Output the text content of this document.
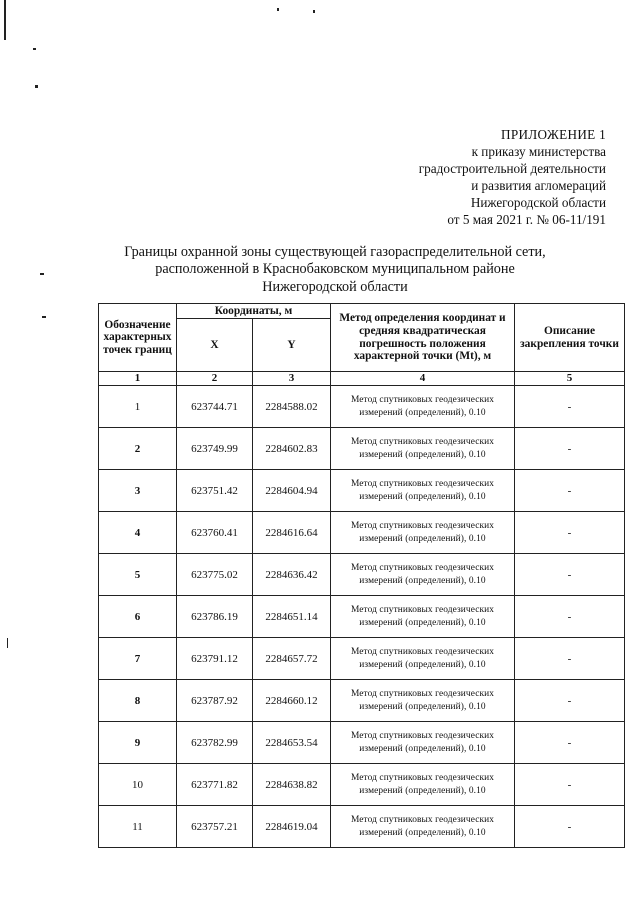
ПРИЛОЖЕНИЕ 1
к приказу министерства
градостроительной деятельности
и развития агломераций
Нижегородской области
от 5 мая 2021 г. № 06-11/191
Границы охранной зоны существующей газораспределительной сети,
расположенной в Краснобаковском муниципальном районе
Нижегородской области
Обозначение характерных точек границ	Координаты, м		Метод определения координат и средняя квадратическая погрешность положения характерной точки (Mt), м	Описание закрепления точки
	X	Y		
1	2	3	4	5
1	623744.71	2284588.02	Метод спутниковых геодезических измерений (определений), 0.10	-
2	623749.99	2284602.83	Метод спутниковых геодезических измерений (определений), 0.10	-
3	623751.42	2284604.94	Метод спутниковых геодезических измерений (определений), 0.10	-
4	623760.41	2284616.64	Метод спутниковых геодезических измерений (определений), 0.10	-
5	623775.02	2284636.42	Метод спутниковых геодезических измерений (определений), 0.10	-
6	623786.19	2284651.14	Метод спутниковых геодезических измерений (определений), 0.10	-
7	623791.12	2284657.72	Метод спутниковых геодезических измерений (определений), 0.10	-
8	623787.92	2284660.12	Метод спутниковых геодезических измерений (определений), 0.10	-
9	623782.99	2284653.54	Метод спутниковых геодезических измерений (определений), 0.10	-
10	623771.82	2284638.82	Метод спутниковых геодезических измерений (определений), 0.10	-
11	623757.21	2284619.04	Метод спутниковых геодезических измерений (определений), 0.10	-
